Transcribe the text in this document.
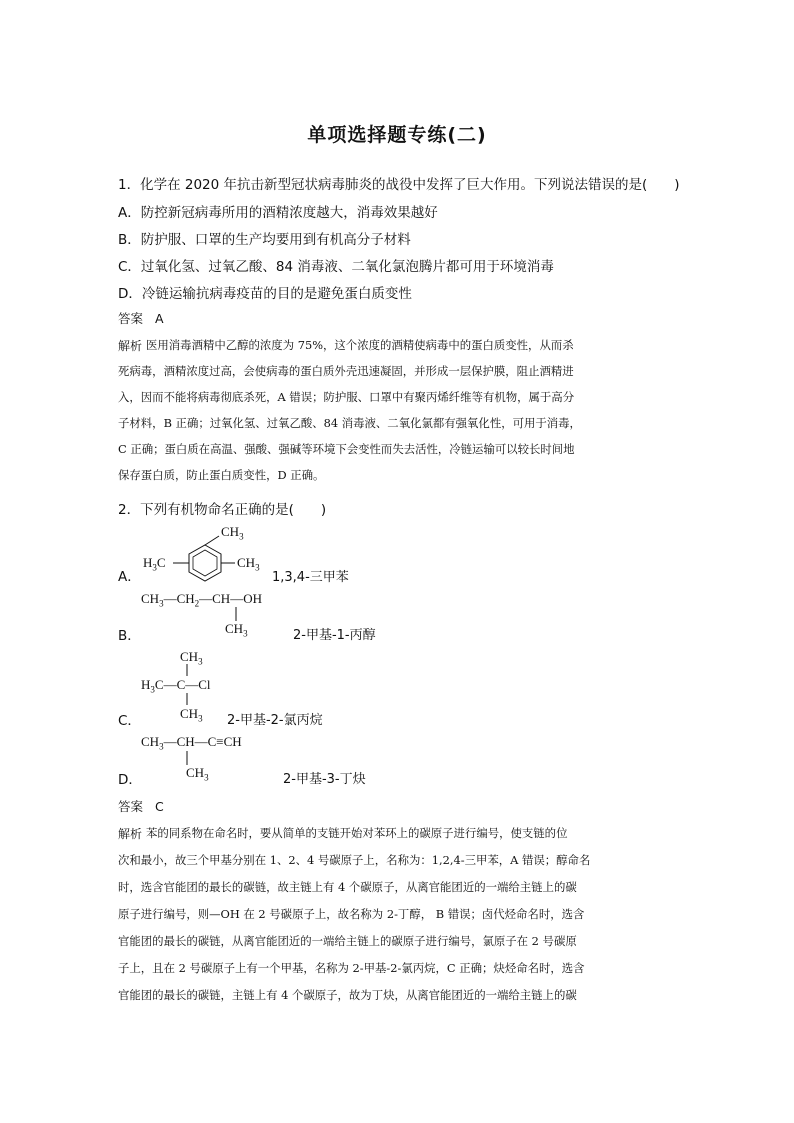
单项选择题专练(二)
1．化学在 2020 年抗击新型冠状病毒肺炎的战役中发挥了巨大作用。下列说法错误的是(　　)
A．防控新冠病毒所用的酒精浓度越大，消毒效果越好
B．防护服、口罩的生产均要用到有机高分子材料
C．过氧化氢、过氧乙酸、84 消毒液、二氧化氯泡腾片都可用于环境消毒
D．冷链运输抗病毒疫苗的目的是避免蛋白质变性
答案 A
解析 医用消毒酒精中乙醇的浓度为 75%，这个浓度的酒精使病毒中的蛋白质变性，从而杀
死病毒，酒精浓度过高，会使病毒的蛋白质外壳迅速凝固，并形成一层保护膜，阻止酒精进
入，因而不能将病毒彻底杀死，A 错误；防护服、口罩中有聚丙烯纤维等有机物，属于高分
子材料，B 正确；过氧化氢、过氧乙酸、84 消毒液、二氧化氯都有强氧化性，可用于消毒，
C 正确；蛋白质在高温、强酸、强碱等环境下会变性而失去活性，冷链运输可以较长时间地
保存蛋白质，防止蛋白质变性，D 正确。
2．下列有机物命名正确的是(　　)
A．
$CH_3$
$H_3C$	$CH_3$
1,3,4-三甲苯
$CH_3—CH_2—CH—OH$
$CH_3$
B．	2-甲基-1-丙醇
$CH_3$
$H_3C—C—Cl$
$CH_3$
C．	2-甲基-2-氯丙烷
$CH_3—CH—C\equiv CH$
$CH_3$
D．	2-甲基-3-丁炔
答案 C
解析 苯的同系物在命名时，要从简单的支链开始对苯环上的碳原子进行编号，使支链的位
次和最小，故三个甲基分别在 1、2、4 号碳原子上，名称为：1,2,4-三甲苯，A 错误；醇命名
时，选含官能团的最长的碳链，故主链上有 4 个碳原子，从离官能团近的一端给主链上的碳
原子进行编号，则—OH 在 2 号碳原子上，故名称为 2-丁醇， B 错误；卤代烃命名时，选含
官能团的最长的碳链，从离官能团近的一端给主链上的碳原子进行编号，氯原子在 2 号碳原
子上，且在 2 号碳原子上有一个甲基，名称为 2-甲基-2-氯丙烷，C 正确；炔烃命名时，选含
官能团的最长的碳链，主链上有 4 个碳原子，故为丁炔，从离官能团近的一端给主链上的碳
